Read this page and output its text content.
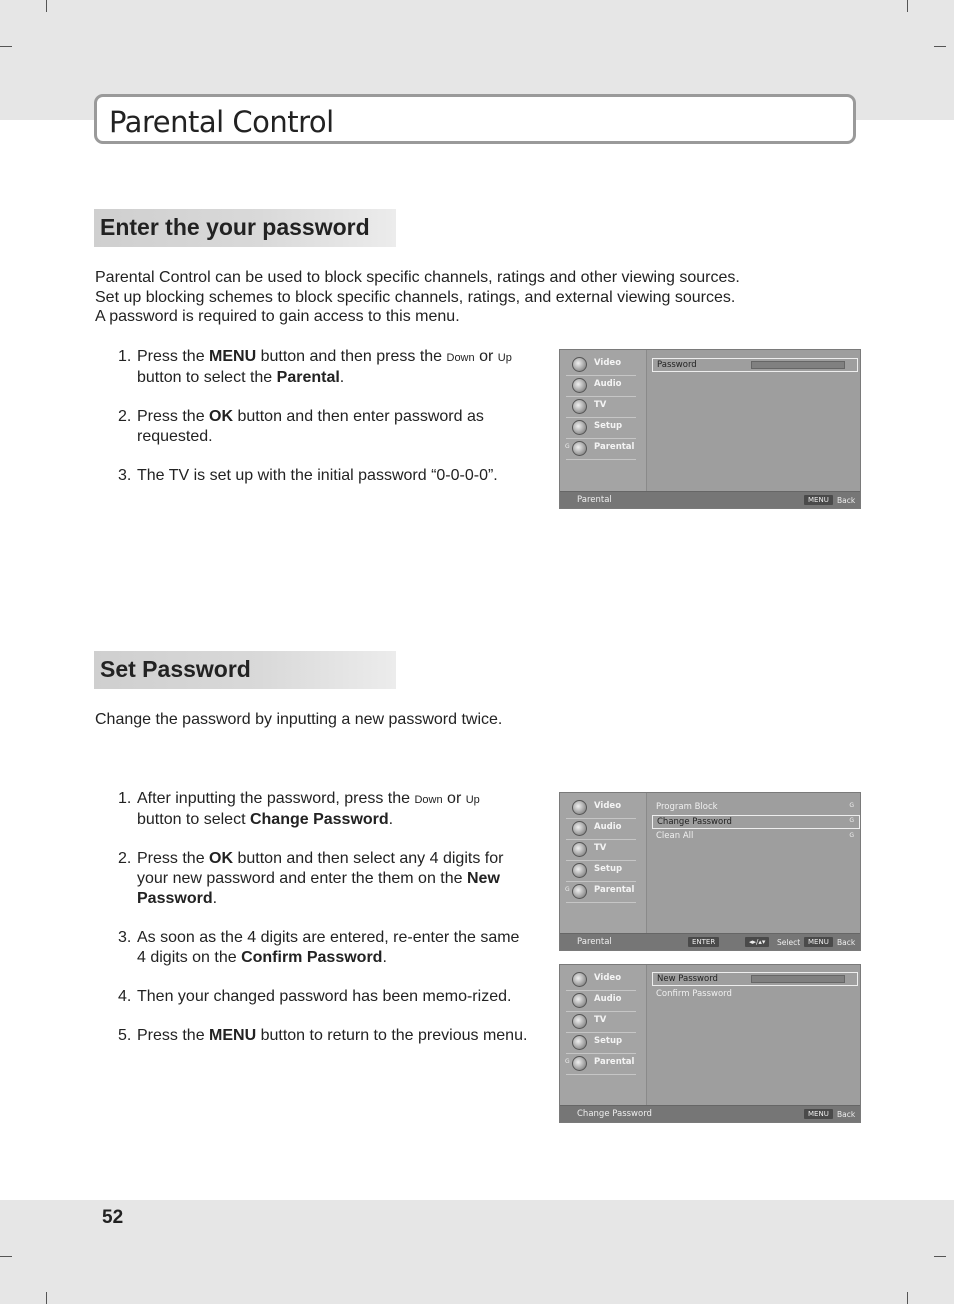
Parental Control
Enter the your password

Parental Control can be used to block specific channels, ratings and other viewing sources.
Set up blocking schemes to block specific channels, ratings, and external viewing sources.
A password is required to gain access to this menu.

1. Press the MENU button and then press the Down or Up
button to select the Parental.
2. Press the OK button and then enter password as requested.
3. The TV is set up with the initial password “0-0-0-0”.
Video
Audio
TV
Setup
G	Parental
Password
Parental	MENU	Back
Set Password

Change the password by inputting a new password twice.

1. After inputting the password, press the Down or Up
button to select Change Password.
2. Press the OK button and then select any 4 digits for your new password and enter the them on the New Password.
3. As soon as the 4 digits are entered, re-enter the same 4 digits on the Confirm Password.
4. Then your changed password has been memo-rized.
5. Press the MENU button to return to the previous menu.
Video
Audio
TV
Setup
G	Parental
Program Block	G
Change Password	G
Clean All	G
Parental	ENTER	◂▸/▴▾	Select	MENU	Back
Video
Audio
TV
Setup
G	Parental
New Password
Confirm Password
Change Password	MENU	Back
52
